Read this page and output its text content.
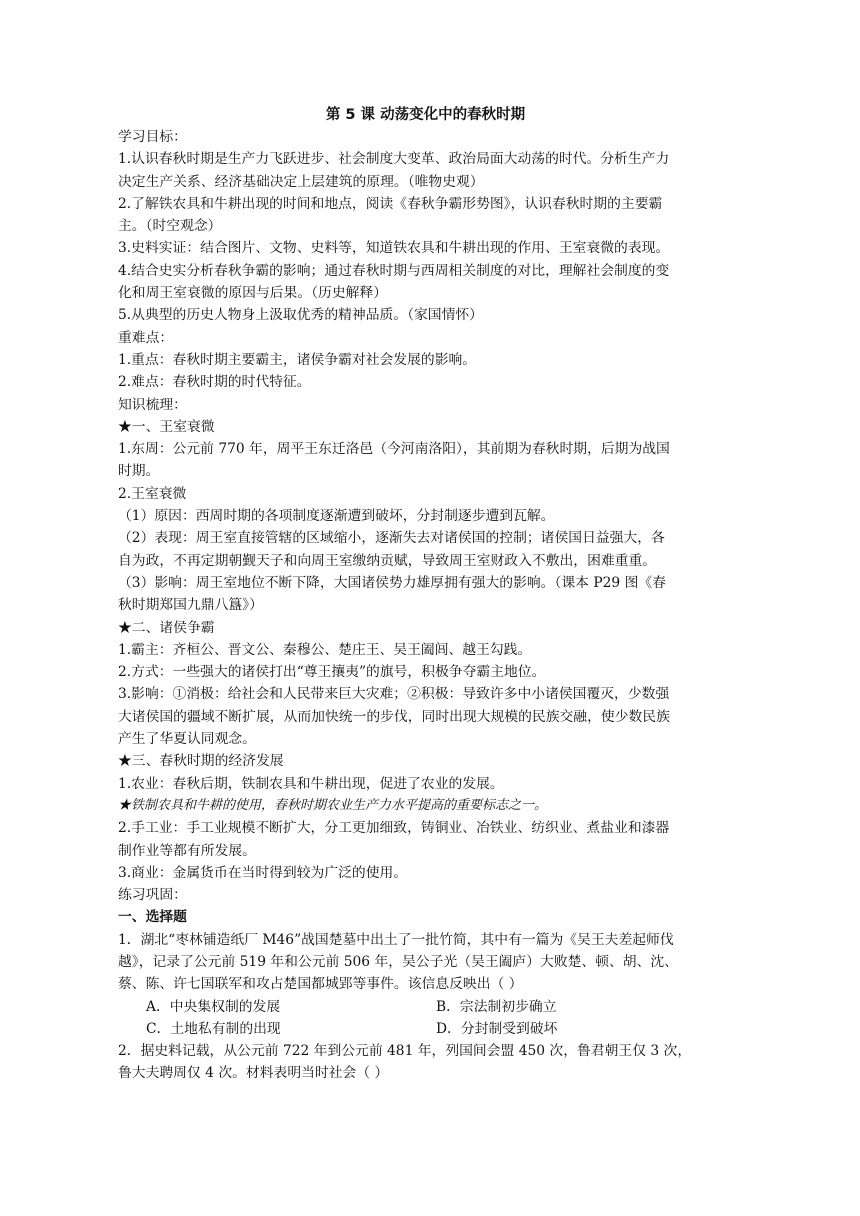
第 5 课 动荡变化中的春秋时期
学习目标：
1.认识春秋时期是生产力飞跃进步、社会制度大变革、政治局面大动荡的时代。分析生产力
决定生产关系、经济基础决定上层建筑的原理。（唯物史观）
2.了解铁农具和牛耕出现的时间和地点，阅读《春秋争霸形势图》，认识春秋时期的主要霸
主。（时空观念）
3.史料实证：结合图片、文物、史料等，知道铁农具和牛耕出现的作用、王室衰微的表现。
4.结合史实分析春秋争霸的影响；通过春秋时期与西周相关制度的对比，理解社会制度的变
化和周王室衰微的原因与后果。（历史解释）
5.从典型的历史人物身上汲取优秀的精神品质。（家国情怀）
重难点：
1.重点：春秋时期主要霸主，诸侯争霸对社会发展的影响。
2.难点：春秋时期的时代特征。
知识梳理：
★一、王室衰微
1.东周：公元前 770 年，周平王东迁洛邑（今河南洛阳），其前期为春秋时期，后期为战国
时期。
2.王室衰微
（1）原因：西周时期的各项制度逐渐遭到破坏，分封制逐步遭到瓦解。
（2）表现：周王室直接管辖的区域缩小，逐渐失去对诸侯国的控制；诸侯国日益强大，各
自为政，不再定期朝觐天子和向周王室缴纳贡赋，导致周王室财政入不敷出，困难重重。
（3）影响：周王室地位不断下降，大国诸侯势力雄厚拥有强大的影响。（课本 P29 图《春
秋时期郑国九鼎八簋》）
★二、诸侯争霸
1.霸主：齐桓公、晋文公、秦穆公、楚庄王、吴王阖闾、越王勾践。
2.方式：一些强大的诸侯打出“尊王攘夷”的旗号，积极争夺霸主地位。
3.影响：①消极：给社会和人民带来巨大灾难；②积极：导致许多中小诸侯国覆灭，少数强
大诸侯国的疆域不断扩展，从而加快统一的步伐，同时出现大规模的民族交融，使少数民族
产生了华夏认同观念。
★三、春秋时期的经济发展
1.农业：春秋后期，铁制农具和牛耕出现，促进了农业的发展。
★铁制农具和牛耕的使用，春秋时期农业生产力水平提高的重要标志之一。
2.手工业：手工业规模不断扩大，分工更加细致，铸铜业、冶铁业、纺织业、煮盐业和漆器
制作业等都有所发展。
3.商业：金属货币在当时得到较为广泛的使用。
练习巩固：
一、选择题
1．湖北“枣林铺造纸厂 M46”战国楚墓中出土了一批竹简，其中有一篇为《吴王夫差起师伐
越》，记录了公元前 519 年和公元前 506 年，吴公子光（吴王阖庐）大败楚、顿、胡、沈、
蔡、陈、许七国联军和攻占楚国都城郢等事件。该信息反映出（ ）
A．中央集权制的发展	B．宗法制初步确立
C．土地私有制的出现	D．分封制受到破坏
2．据史料记载，从公元前 722 年到公元前 481 年，列国间会盟 450 次，鲁君朝王仅 3 次，
鲁大夫聘周仅 4 次。材料表明当时社会（ ）
